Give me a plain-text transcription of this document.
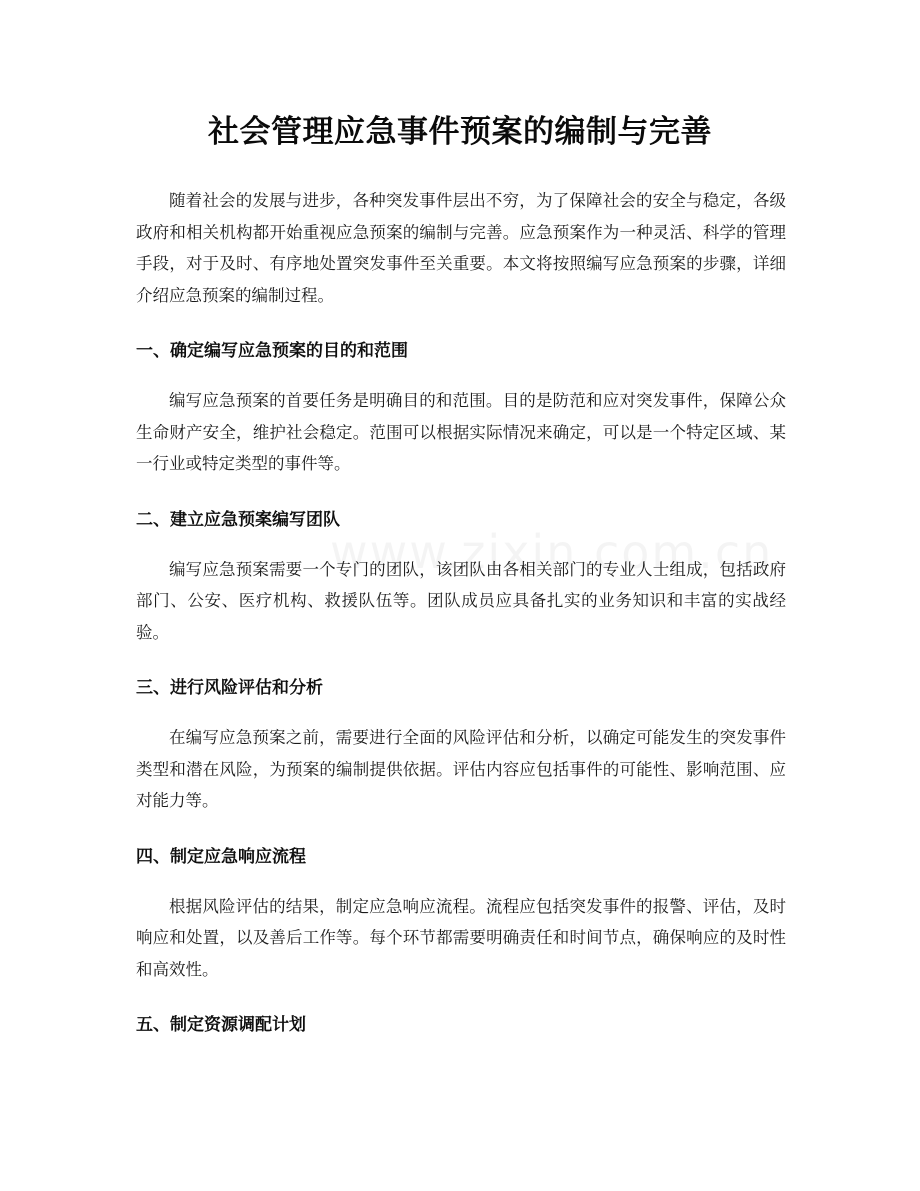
社会管理应急事件预案的编制与完善

随着社会的发展与进步，各种突发事件层出不穷，为了保障社会的安全与稳定，各级政府和相关机构都开始重视应急预案的编制与完善。应急预案作为一种灵活、科学的管理手段，对于及时、有序地处置突发事件至关重要。本文将按照编写应急预案的步骤，详细介绍应急预案的编制过程。

一、确定编写应急预案的目的和范围

编写应急预案的首要任务是明确目的和范围。目的是防范和应对突发事件，保障公众生命财产安全，维护社会稳定。范围可以根据实际情况来确定，可以是一个特定区域、某一行业或特定类型的事件等。

二、建立应急预案编写团队

编写应急预案需要一个专门的团队，该团队由各相关部门的专业人士组成，包括政府部门、公安、医疗机构、救援队伍等。团队成员应具备扎实的业务知识和丰富的实战经验。

三、进行风险评估和分析

在编写应急预案之前，需要进行全面的风险评估和分析，以确定可能发生的突发事件类型和潜在风险，为预案的编制提供依据。评估内容应包括事件的可能性、影响范围、应对能力等。

四、制定应急响应流程

根据风险评估的结果，制定应急响应流程。流程应包括突发事件的报警、评估，及时响应和处置，以及善后工作等。每个环节都需要明确责任和时间节点，确保响应的及时性和高效性。

五、制定资源调配计划
